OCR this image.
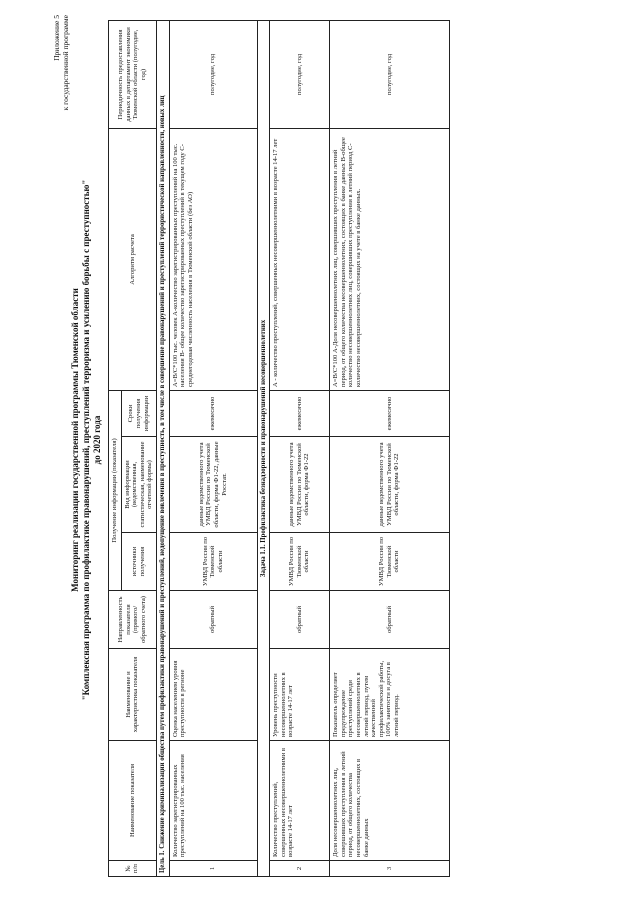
Приложение 5 к государственной программе
Мониторинг реализации государственной программы Тюменской области "Комплексная программа по профилактике правонарушений, преступлений терроризма и усилению борьбы с преступностью" до 2020 года
№ п/п	Наименование показателя	Наименование и характеристика показателя	Направленность показателя (прямого/обратного счета)	Получение информации (показателя)			Алгоритм расчета	Периодичность предоставления данных в департамент экономики Тюменской области (полугодие, год)
				источники получения	Вид информации (ведомственная, статистическая, наименование отчетной формы)	Сроки получения информации		
Цель 1. Снижение криминализации общества путем профилактики правонарушений и преступлений, недопущение вовлечения в преступность, в том числе в совершение правонарушений и преступлений террористической направленности, новых лиц								
1	Количество зарегистрированных преступлений на 100 тыс. населения	Оценка населением уровня преступности в регионе	обратный	УМВД России по Тюменской области	данные ведомственного учета УМВД России по Тюменской области, форма Ф1-22, данные Росстат.	ежемесячно	A=B/C*100 тыс. человек А-количество зарегистрированных преступлений на 100 тыс. населения B- общее количество зарегистрированных преступлений в текущем году C-среднегодовая численность населения в Тюменской области (без АО)	полугодие, год
Задача 1.1. Профилактика безнадзорности и правонарушений несовершеннолетних								
2	Количество преступлений, совершенных несовершеннолетними в возрасте 14-17 лет	Уровень преступности несовершеннолетних в возрасте 14-17 лет	обратный	УМВД России по Тюменской области	данные ведомственного учета УМВД России по Тюменской области, форма Ф1-22	ежемесячно	А - количество преступлений, совершенных несовершеннолетними в возрасте 14-17 лет	полугодие, год
3	Доля несовершеннолетних лиц, совершивших преступления в летний период, от общего количества несовершеннолетних, состоящих в банке данных	Показатель определяет предупреждение преступлений среди несовершеннолетних в летний период, путем качественной профилактической работы, 100% занятости и досуга в летний период.	обратный	УМВД России по Тюменской области	данные ведомственного учета УМВД России по Тюменской области, форма Ф1-22	ежемесячно	А=В/С*100 А-Доля несовершеннолетних лиц, совершивших преступления в летний период, от общего количества несовершеннолетних, состоящих в банке данных В-общее количество несовершеннолетних лиц, совершивших преступления в летний период С- количество несовершеннолетних, состоящих на учете в банке данных.	полугодие, год
